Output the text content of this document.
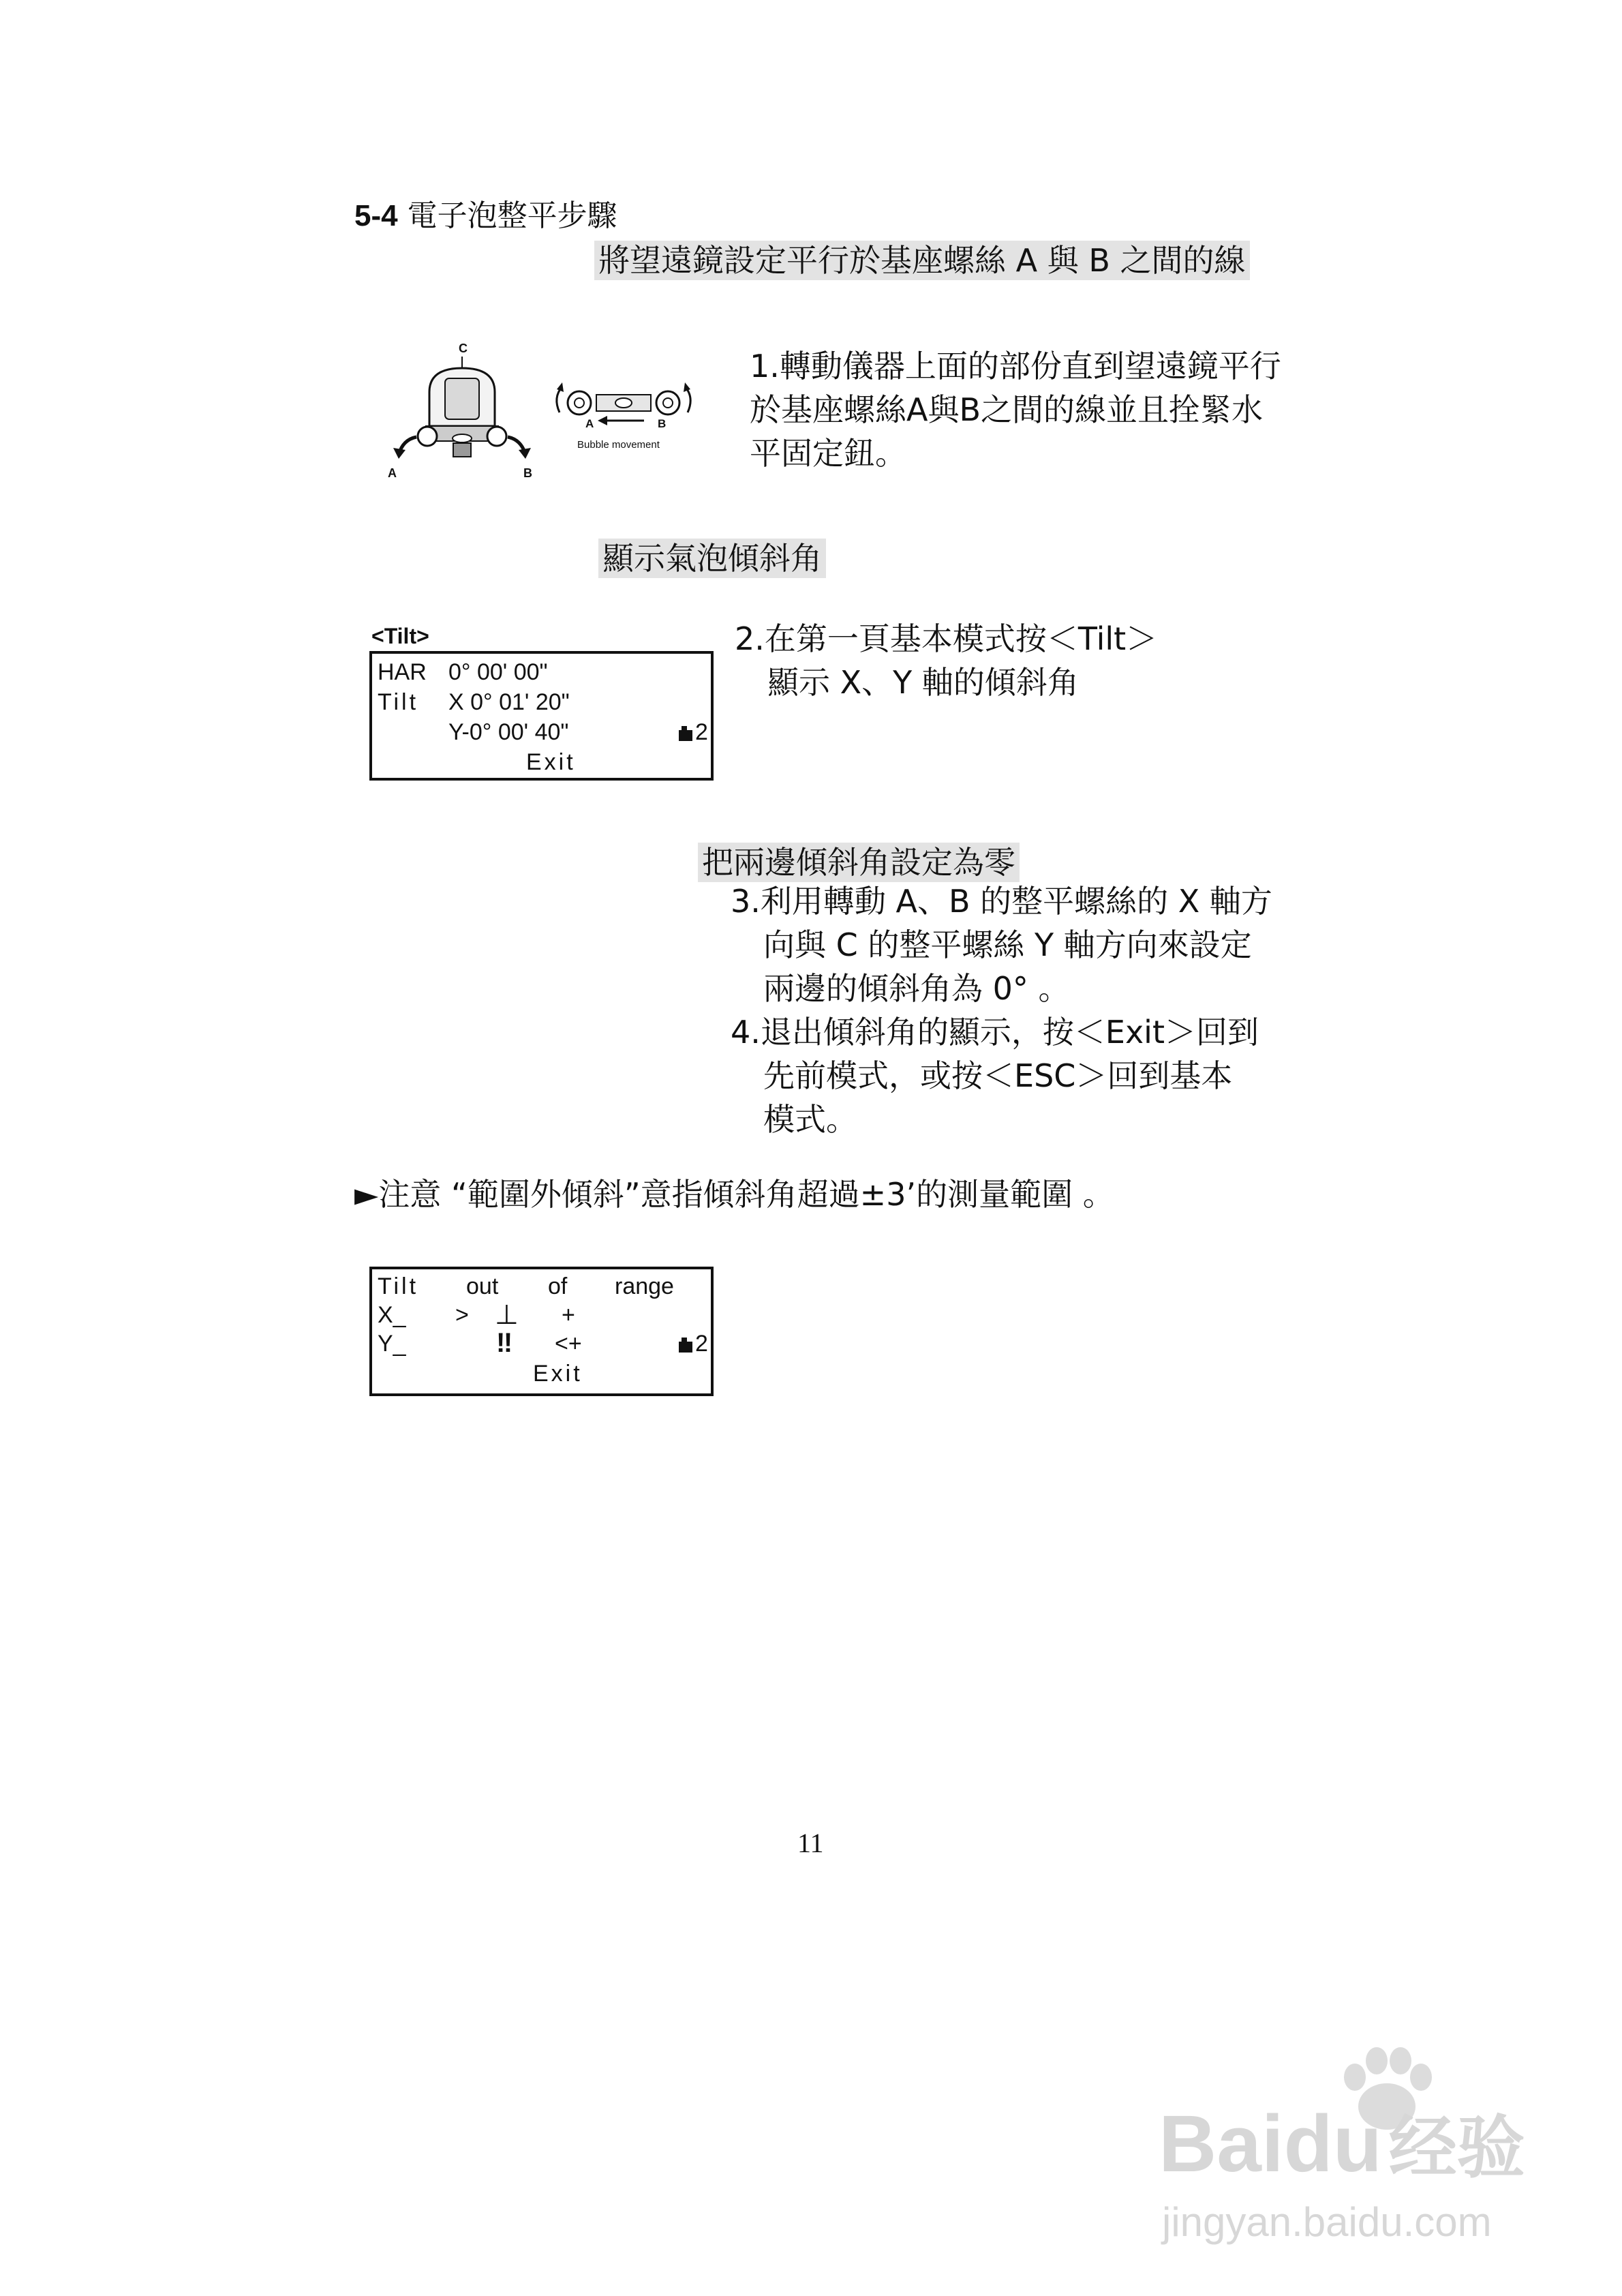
5-4 電子泡整平步驟
將望遠鏡設定平行於基座螺絲 A 與 B 之間的線
C
A	B
A	B
Bubble movement
1.轉動儀器上面的部份直到望遠鏡平行
於基座螺絲A與B之間的線並且拴緊水
平固定鈕。
顯示氣泡傾斜角
<Tilt>
HAR 0° 00' 00"
Tilt X 0° 01' 20"
Y-0° 00' 40"	2
Exit
2.在第一頁基本模式按＜Tilt＞
顯示 X、Y 軸的傾斜角
把兩邊傾斜角設定為零
3.利用轉動 A、B 的整平螺絲的 X 軸方
向與 C 的整平螺絲 Y 軸方向來設定
兩邊的傾斜角為 0° 。
4.退出傾斜角的顯示，按＜Exit＞回到
先前模式，或按＜ESC＞回到基本
模式。
►注意 “範圍外傾斜”意指傾斜角超過±3’的測量範圍 。
Tilt out of range
X_ > ⊥ +
Y_	‼ <+	2
Exit
11
Baidu 经验
jingyan.baidu.com
